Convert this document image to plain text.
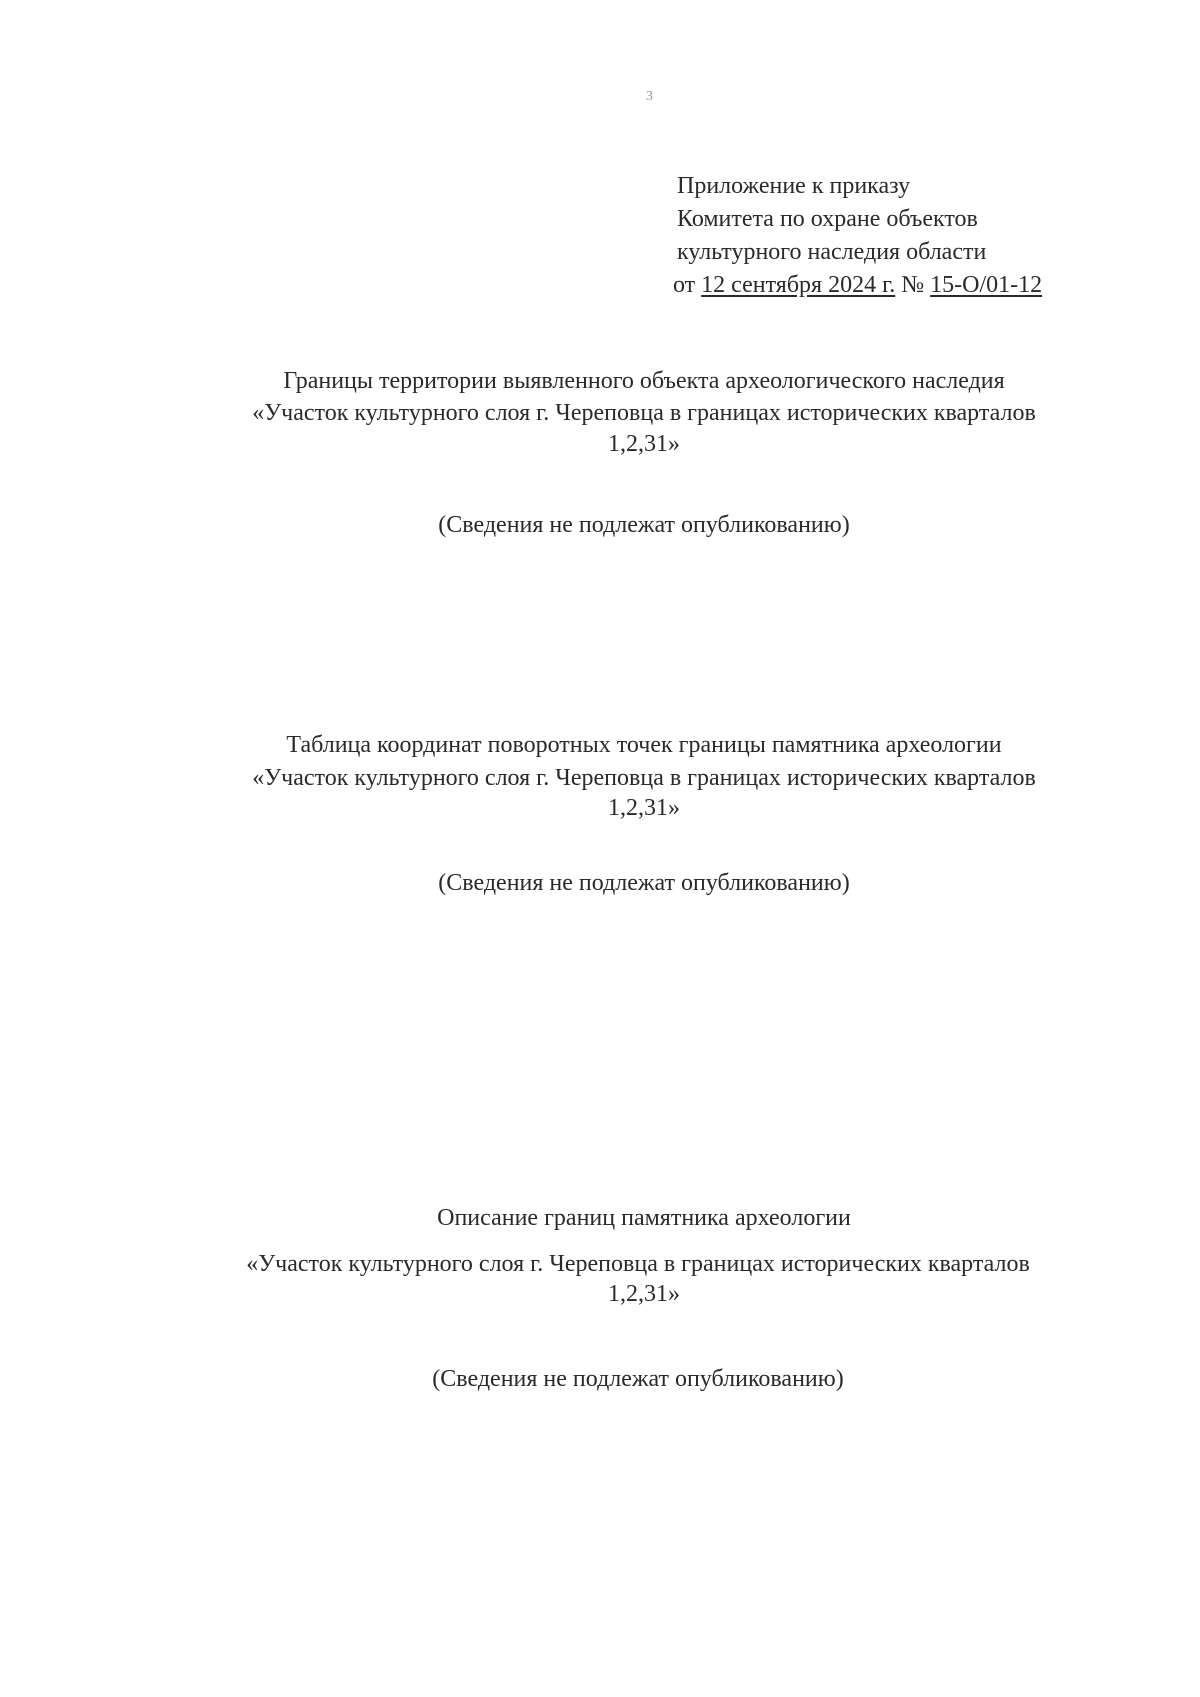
3
Приложение к приказу
Комитета по охране объектов
культурного наследия области
от 12 сентября 2024 г. № 15-О/01-12
Границы территории выявленного объекта археологического наследия
«Участок культурного слоя г. Череповца в границах исторических кварталов
1,2,31»
(Сведения не подлежат опубликованию)
Таблица координат поворотных точек границы памятника археологии
«Участок культурного слоя г. Череповца в границах исторических кварталов
1,2,31»
(Сведения не подлежат опубликованию)
Описание границ памятника археологии
«Участок культурного слоя г. Череповца в границах исторических кварталов
1,2,31»
(Сведения не подлежат опубликованию)
